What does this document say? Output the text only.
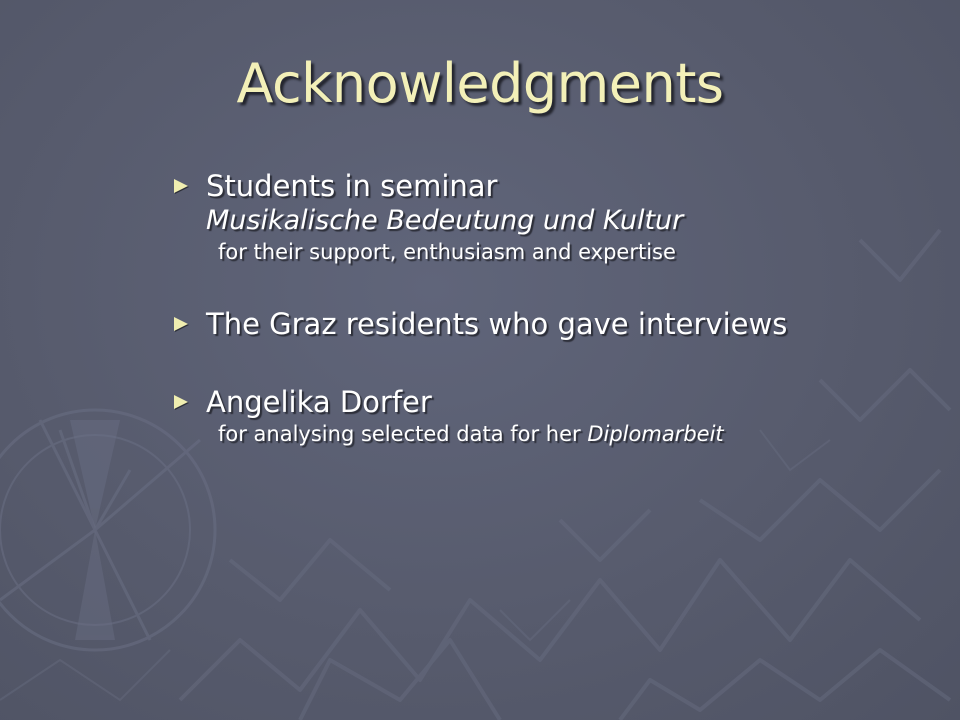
Acknowledgments
Students in seminar
Musikalische Bedeutung und Kultur
for their support, enthusiasm and expertise
The Graz residents who gave interviews
Angelika Dorfer
for analysing selected data for her Diplomarbeit
